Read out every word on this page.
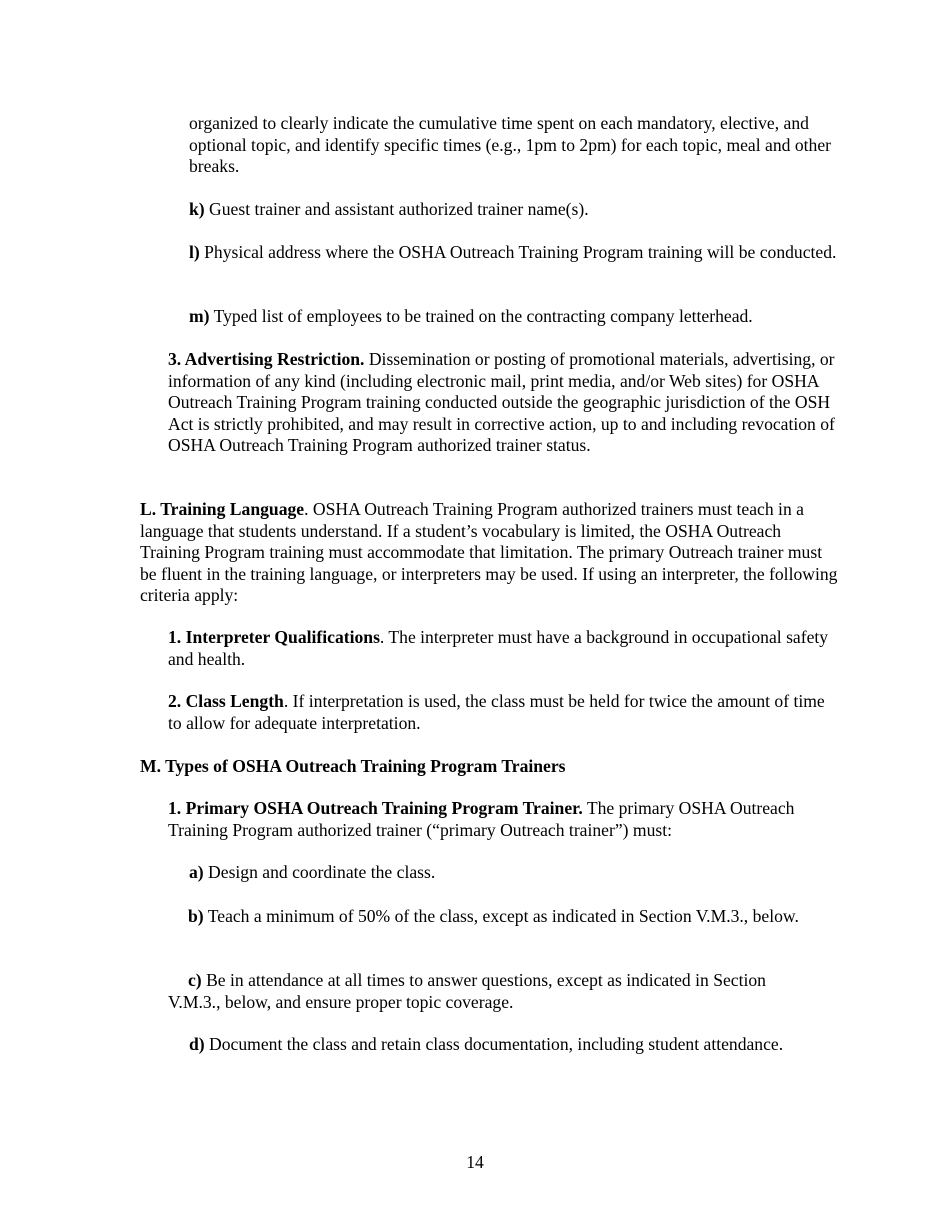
organized to clearly indicate the cumulative time spent on each mandatory, elective, and optional topic, and identify specific times (e.g., 1pm to 2pm) for each topic, meal and other breaks.

k) Guest trainer and assistant authorized trainer name(s).

l) Physical address where the OSHA Outreach Training Program training will be conducted.

m) Typed list of employees to be trained on the contracting company letterhead.

3. Advertising Restriction. Dissemination or posting of promotional materials, advertising, or information of any kind (including electronic mail, print media, and/or Web sites) for OSHA Outreach Training Program training conducted outside the geographic jurisdiction of the OSH Act is strictly prohibited, and may result in corrective action, up to and including revocation of OSHA Outreach Training Program authorized trainer status.

L. Training Language. OSHA Outreach Training Program authorized trainers must teach in a language that students understand. If a student’s vocabulary is limited, the OSHA Outreach Training Program training must accommodate that limitation. The primary Outreach trainer must be fluent in the training language, or interpreters may be used. If using an interpreter, the following criteria apply:

1. Interpreter Qualifications. The interpreter must have a background in occupational safety and health.

2. Class Length. If interpretation is used, the class must be held for twice the amount of time to allow for adequate interpretation.

M. Types of OSHA Outreach Training Program Trainers

1. Primary OSHA Outreach Training Program Trainer. The primary OSHA Outreach Training Program authorized trainer (“primary Outreach trainer”) must:

a) Design and coordinate the class.

b) Teach a minimum of 50% of the class, except as indicated in Section V.M.3., below.

c) Be in attendance at all times to answer questions, except as indicated in Section V.M.3., below, and ensure proper topic coverage.

d) Document the class and retain class documentation, including student attendance.

14
